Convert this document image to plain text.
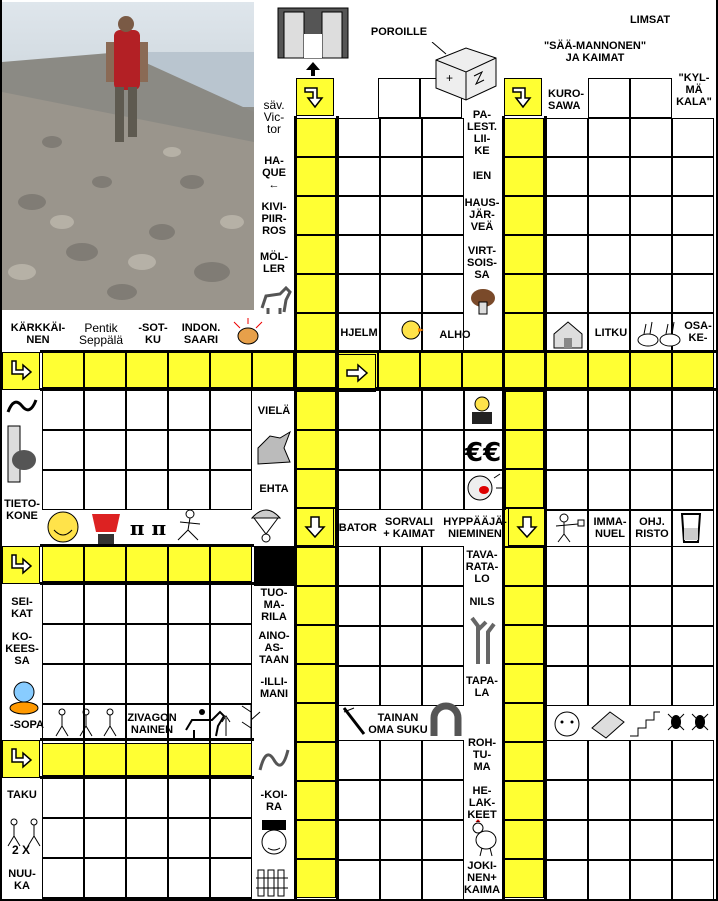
POROILLE
+
LIMSAT
"SÄÄ-MANNONEN"
JA KAIMAT
"KYL-
MÄ
KALA"
€€
π π
2 X
säv.
Vic-
tor
HA-
QUE
←
KIVI-
PIIR-
ROS
MÖL-
LER
PA-
LEST.
LII-
KE
IEN
HAUS-
JÄR-
VEÄ
VIRT-
SOIS-
SA
KURO-
SAWA
KÄRKKÄI-
NEN
Pentik
Seppälä
-SOT-
KU
INDON.
SAARI
HJELM	ALHO	LITKU
OSA-
KE-
VIELÄ
EHTA
TIETO-
KONE
-BATOR SORVALI
+ KAIMAT
HYPPÄÄJÄ-
NIEMINEN
IMMA-
NUEL
OHJ.
RISTO
SEI-
KAT
KO-
KEES-
SA
TUO-
MA-
RILA
AINO-
AS-
TAAN
-ILLI-
MANI
TAVA-
RATA-
LO
NILS
TAPA-
LA
-SOPA
ZIVAGON
NAINEN
TAINAN
OMA SUKU
ROH-
TU-
MA
TAKU	-KOI-
RA
HE-
LAK-
KEET
NUU-
KA
JOKI-
NEN+
KAIMA
